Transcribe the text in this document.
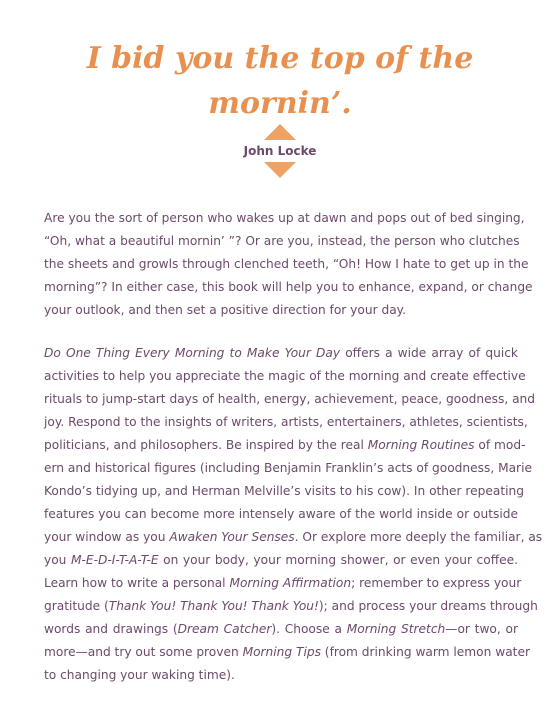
I bid you the top of the
mornin’.
John Locke
Are you the sort of person who wakes up at dawn and pops out of bed singing,
“Oh, what a beautiful mornin’ ”? Or are you, instead, the person who clutches
the sheets and growls through clenched teeth, “Oh! How I hate to get up in the
morning”? In either case, this book will help you to enhance, expand, or change
your outlook, and then set a positive direction for your day.
Do One Thing Every Morning to Make Your Day offers a wide array of quick
activities to help you appreciate the magic of the morning and create effective
rituals to jump-start days of health, energy, achievement, peace, goodness, and
joy. Respond to the insights of writers, artists, entertainers, athletes, scientists,
politicians, and philosophers. Be inspired by the real Morning Routines of mod-
ern and historical figures (including Benjamin Franklin’s acts of goodness, Marie
Kondo’s tidying up, and Herman Melville’s visits to his cow). In other repeating
features you can become more intensely aware of the world inside or outside
your window as you Awaken Your Senses. Or explore more deeply the familiar, as
you M-E-D-I-T-A-T-E on your body, your morning shower, or even your coffee.
Learn how to write a personal Morning Affirmation; remember to express your
gratitude (Thank You! Thank You! Thank You!); and process your dreams through
words and drawings (Dream Catcher). Choose a Morning Stretch—or two, or
more—and try out some proven Morning Tips (from drinking warm lemon water
to changing your waking time).
